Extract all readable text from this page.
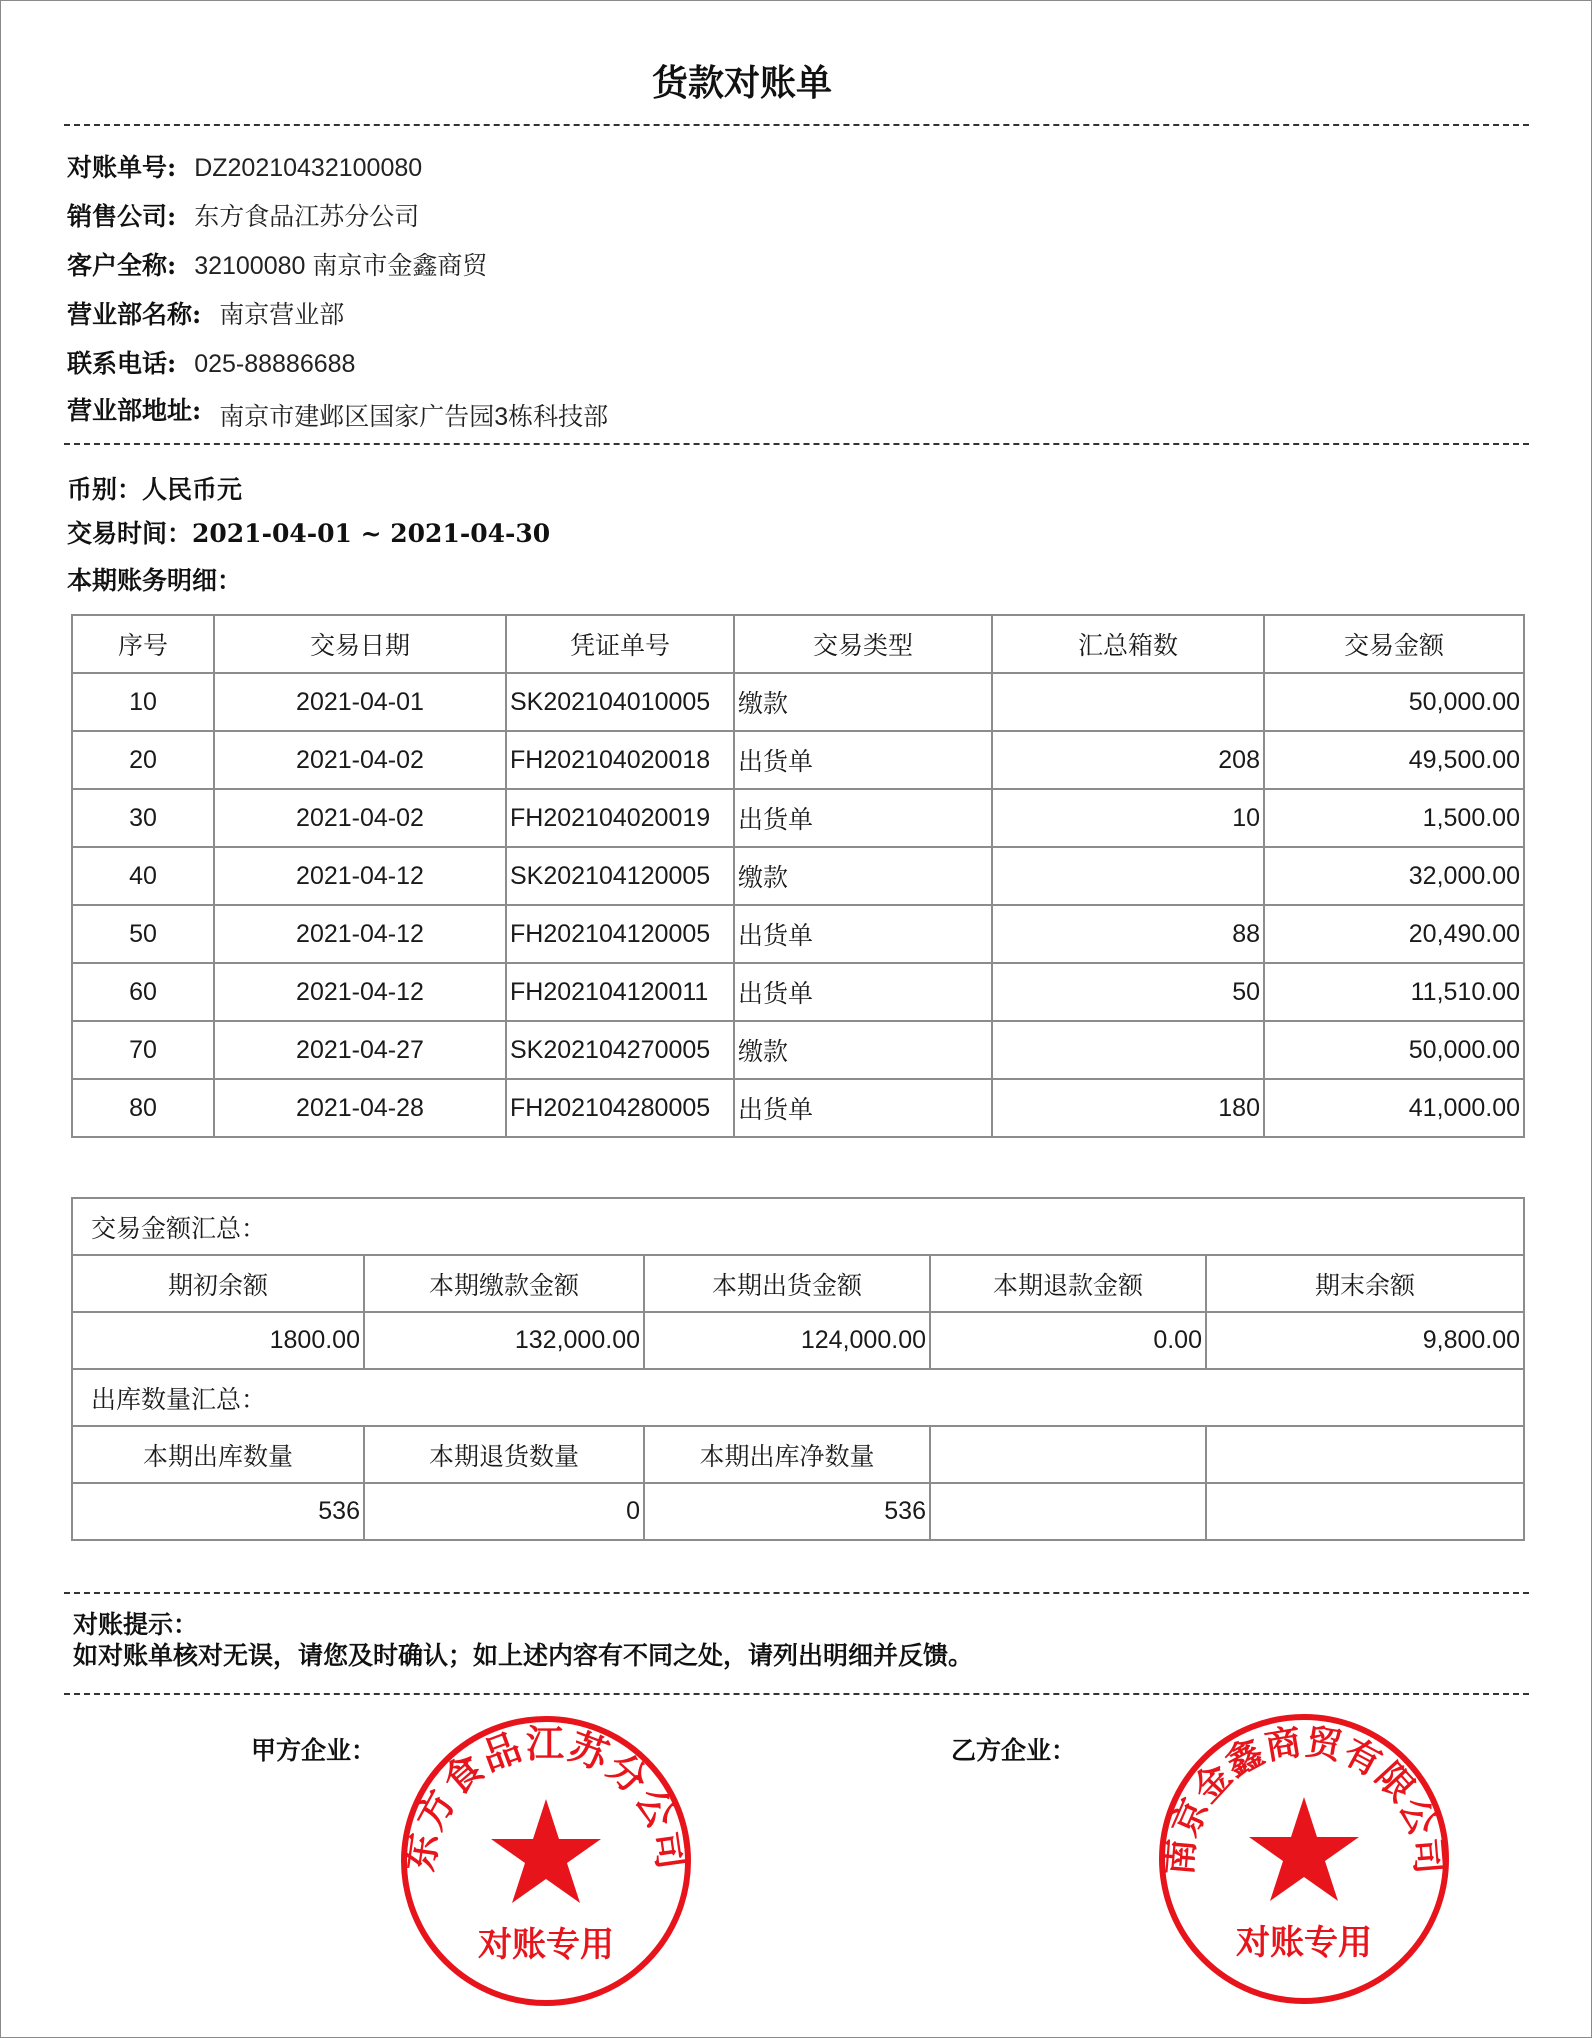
货款对账单
对账单号: DZ20210432100080
销售公司: 东方食品江苏分公司
客户全称: 32100080 南京市金鑫商贸
营业部名称: 南京营业部
联系电话: 025-88886688
营业部地址: 南京市建邺区国家广告园3栋科技部
币别：人民币元
交易时间：2021-04-01 ~ 2021-04-30
本期账务明细：
序号	交易日期	凭证单号	交易类型	汇总箱数	交易金额
10	2021-04-01	SK202104010005	缴款		50,000.00
20	2021-04-02	FH202104020018	出货单	208	49,500.00
30	2021-04-02	FH202104020019	出货单	10	1,500.00
40	2021-04-12	SK202104120005	缴款		32,000.00
50	2021-04-12	FH202104120005	出货单	88	20,490.00
60	2021-04-12	FH202104120011	出货单	50	11,510.00
70	2021-04-27	SK202104270005	缴款		50,000.00
80	2021-04-28	FH202104280005	出货单	180	41,000.00
交易金额汇总：				
期初余额	本期缴款金额	本期出货金额	本期退款金额	期末余额
1800.00	132,000.00	124,000.00	0.00	9,800.00
出库数量汇总：				
本期出库数量	本期退货数量	本期出库净数量		
536	0	536		
对账提示：
如对账单核对无误，请您及时确认；如上述内容有不同之处，请列出明细并反馈。
甲方企业：	乙方企业：
东方食品江苏分公司
对账专用
南京金鑫商贸有限公司
对账专用
